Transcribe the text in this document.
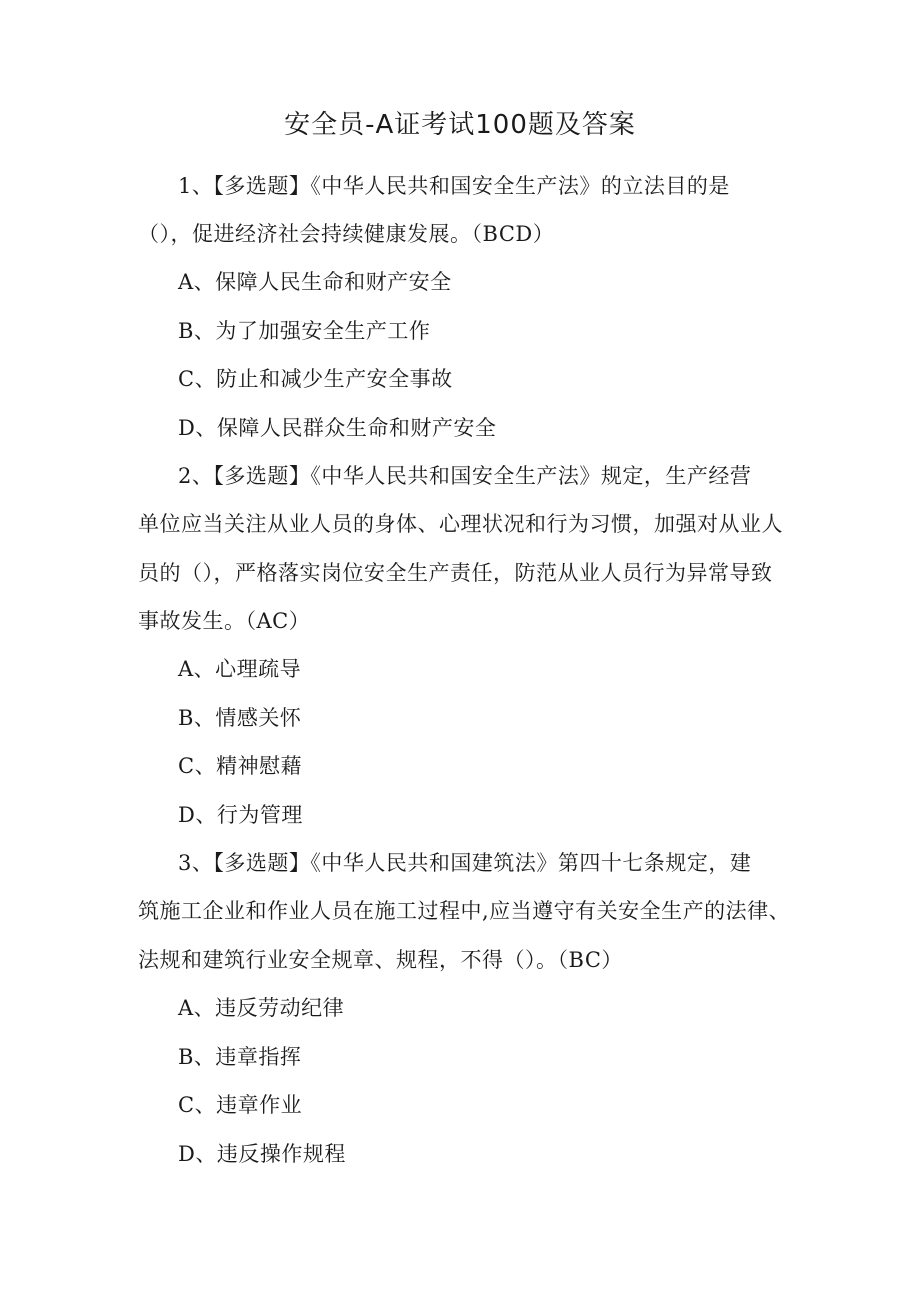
安全员-A证考试100题及答案
1、【多选题】《中华人民共和国安全生产法》的立法目的是
（），促进经济社会持续健康发展。（BCD）
A、保障人民生命和财产安全
B、为了加强安全生产工作
C、防止和减少生产安全事故
D、保障人民群众生命和财产安全
2、【多选题】《中华人民共和国安全生产法》规定，生产经营
单位应当关注从业人员的身体、心理状况和行为习惯，加强对从业人
员的（），严格落实岗位安全生产责任，防范从业人员行为异常导致
事故发生。（AC）
A、心理疏导
B、情感关怀
C、精神慰藉
D、行为管理
3、【多选题】《中华人民共和国建筑法》第四十七条规定，建
筑施工企业和作业人员在施工过程中,应当遵守有关安全生产的法律、
法规和建筑行业安全规章、规程，不得（）。（BC）
A、违反劳动纪律
B、违章指挥
C、违章作业
D、违反操作规程
